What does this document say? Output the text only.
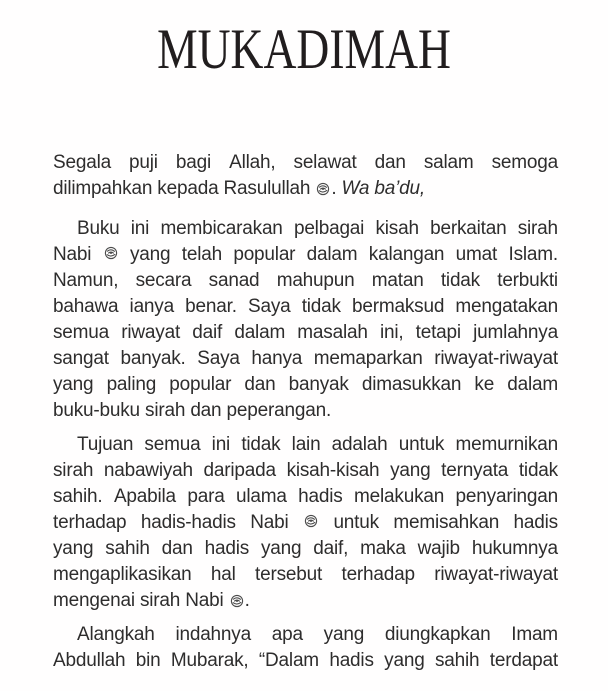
MUKADIMAH
Segala puji bagi Allah, selawat dan salam semoga
dilimpahkan kepada Rasulullah . Wa ba’du,
Buku ini membicarakan pelbagai kisah berkaitan sirah
Nabi yang telah popular dalam kalangan umat Islam.
Namun, secara sanad mahupun matan tidak terbukti
bahawa ianya benar. Saya tidak bermaksud mengatakan
semua riwayat daif dalam masalah ini, tetapi jumlahnya
sangat banyak. Saya hanya memaparkan riwayat-riwayat
yang paling popular dan banyak dimasukkan ke dalam
buku-buku sirah dan peperangan.
Tujuan semua ini tidak lain adalah untuk memurnikan
sirah nabawiyah daripada kisah-kisah yang ternyata tidak
sahih. Apabila para ulama hadis melakukan penyaringan
terhadap hadis-hadis Nabi untuk memisahkan hadis
yang sahih dan hadis yang daif, maka wajib hukumnya
mengaplikasikan hal tersebut terhadap riwayat-riwayat
mengenai sirah Nabi .
Alangkah indahnya apa yang diungkapkan Imam
Abdullah bin Mubarak, “Dalam hadis yang sahih terdapat
